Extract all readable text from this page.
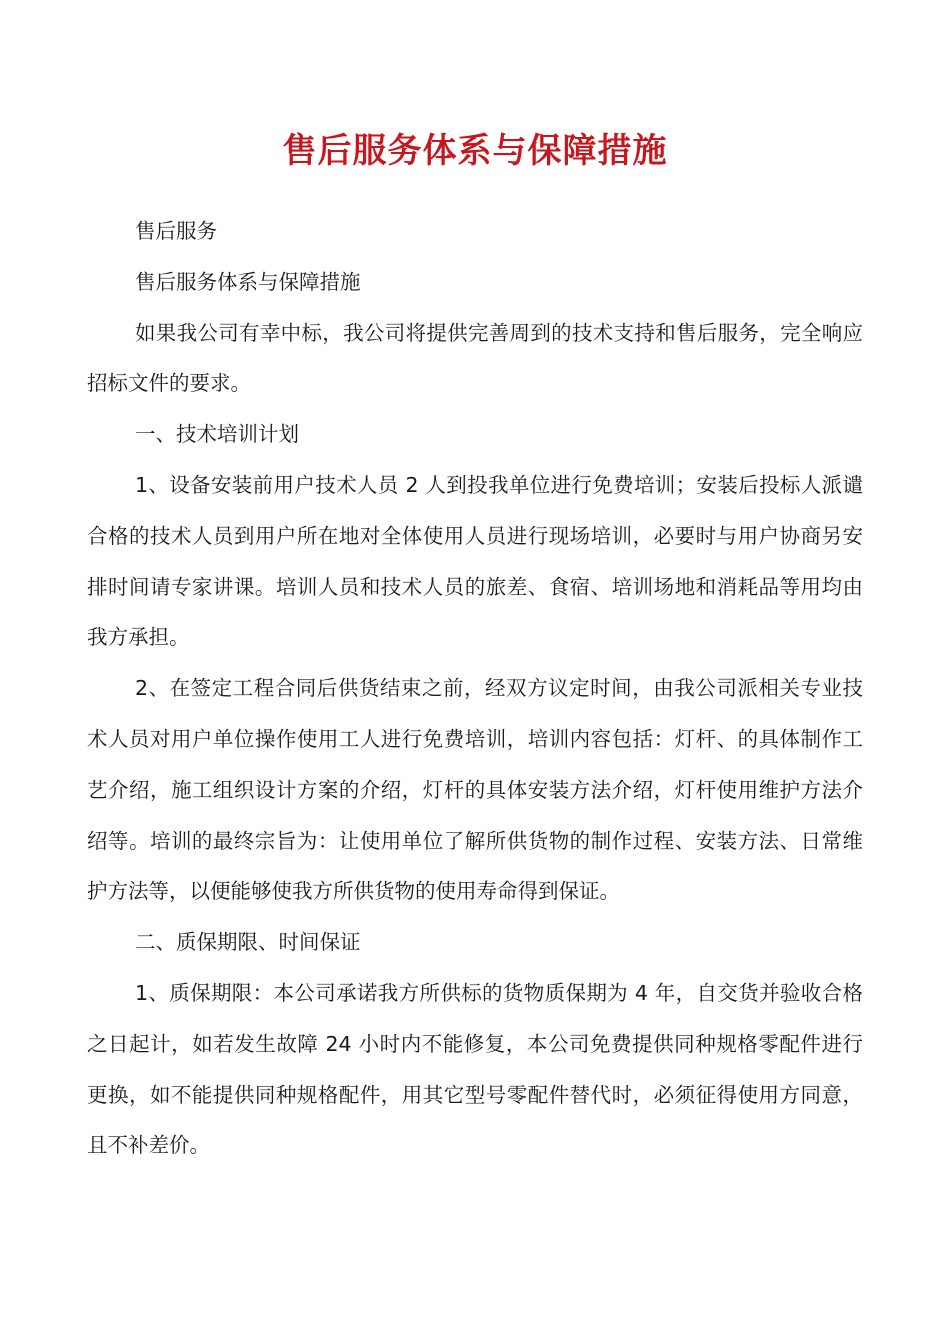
售后服务体系与保障措施

售后服务

售后服务体系与保障措施

如果我公司有幸中标，我公司将提供完善周到的技术支持和售后服务，完全响应招标文件的要求。

一、技术培训计划

1、设备安装前用户技术人员 2 人到投我单位进行免费培训；安装后投标人派谴合格的技术人员到用户所在地对全体使用人员进行现场培训，必要时与用户协商另安排时间请专家讲课。培训人员和技术人员的旅差、食宿、培训场地和消耗品等用均由我方承担。

2、在签定工程合同后供货结束之前，经双方议定时间，由我公司派相关专业技术人员对用户单位操作使用工人进行免费培训，培训内容包括：灯杆、的具体制作工艺介绍，施工组织设计方案的介绍，灯杆的具体安装方法介绍，灯杆使用维护方法介绍等。培训的最终宗旨为：让使用单位了解所供货物的制作过程、安装方法、日常维护方法等，以便能够使我方所供货物的使用寿命得到保证。

二、质保期限、时间保证

1、质保期限：本公司承诺我方所供标的货物质保期为 4 年，自交货并验收合格之日起计，如若发生故障 24 小时内不能修复，本公司免费提供同种规格零配件进行更换，如不能提供同种规格配件，用其它型号零配件替代时，必须征得使用方同意，且不补差价。
